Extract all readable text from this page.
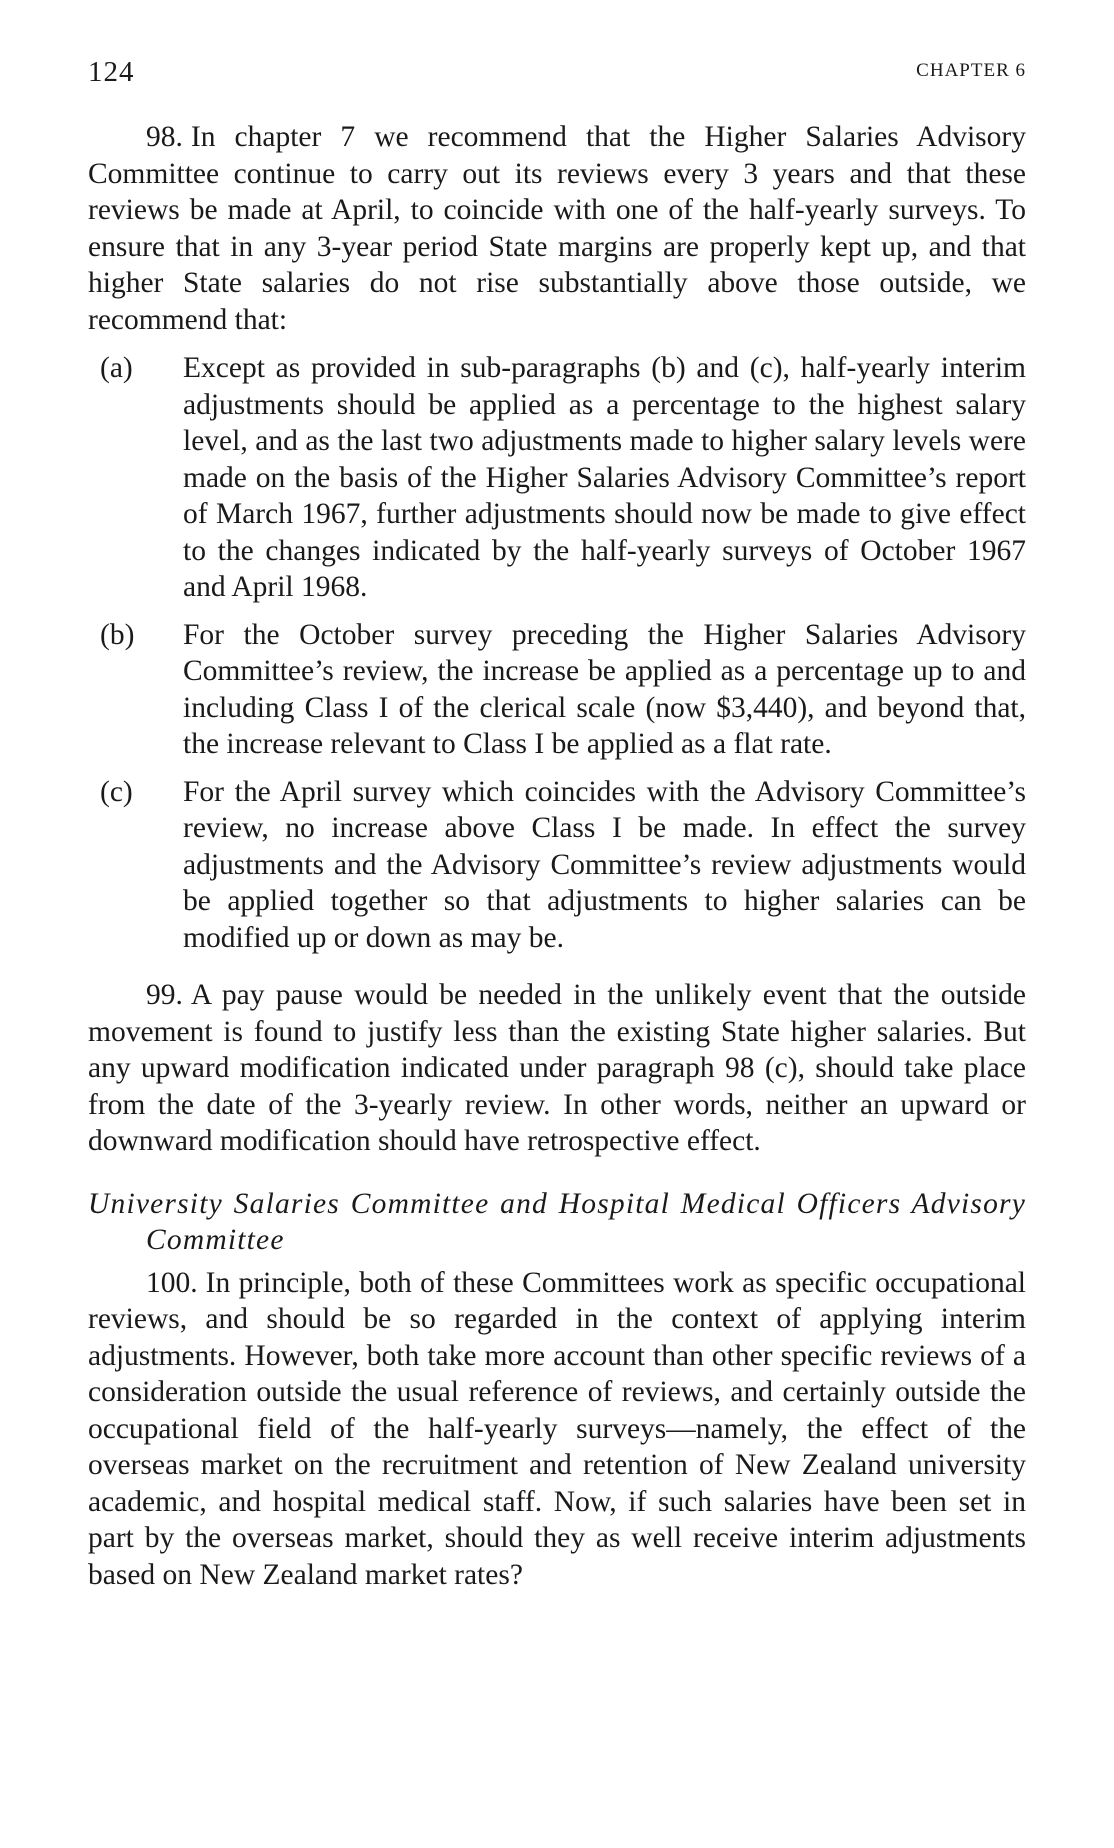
124	CHAPTER 6

98. In chapter 7 we recommend that the Higher Salaries Advisory Committee continue to carry out its reviews every 3 years and that these reviews be made at April, to coincide with one of the half-yearly surveys. To ensure that in any 3-year period State margins are properly kept up, and that higher State salaries do not rise substantially above those outside, we recommend that:

(a) Except as provided in sub-paragraphs (b) and (c), half-yearly interim adjustments should be applied as a percentage to the highest salary level, and as the last two adjustments made to higher salary levels were made on the basis of the Higher Salaries Advisory Committee’s report of March 1967, further adjustments should now be made to give effect to the changes indicated by the half-yearly surveys of October 1967 and April 1968.
(b) For the October survey preceding the Higher Salaries Advisory Committee’s review, the increase be applied as a percentage up to and including Class I of the clerical scale (now $3,440), and beyond that, the increase relevant to Class I be applied as a flat rate.
(c) For the April survey which coincides with the Advisory Committee’s review, no increase above Class I be made. In effect the survey adjustments and the Advisory Committee’s review adjustments would be applied together so that adjustments to higher salaries can be modified up or down as may be.

99. A pay pause would be needed in the unlikely event that the outside movement is found to justify less than the existing State higher salaries. But any upward modification indicated under paragraph 98 (c), should take place from the date of the 3-yearly review. In other words, neither an upward or downward modification should have retrospective effect.

University Salaries Committee and Hospital Medical Officers Advisory Committee

100. In principle, both of these Committees work as specific occupational reviews, and should be so regarded in the context of applying interim adjustments. However, both take more account than other specific reviews of a consideration outside the usual reference of reviews, and certainly outside the occupational field of the half-yearly surveys—namely, the effect of the overseas market on the recruitment and retention of New Zealand university academic, and hospital medical staff. Now, if such salaries have been set in part by the overseas market, should they as well receive interim adjustments based on New Zealand market rates?
